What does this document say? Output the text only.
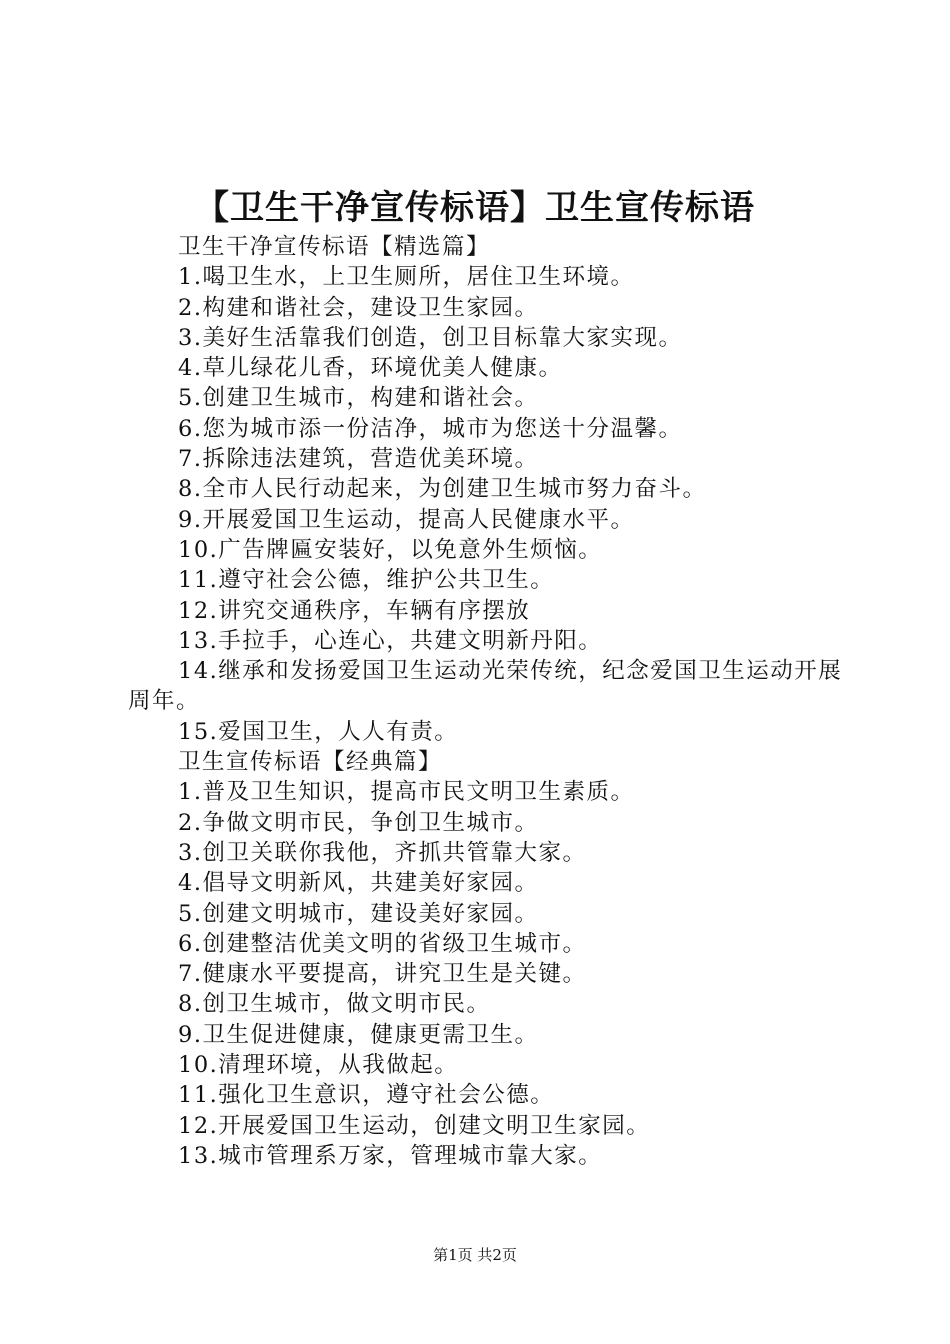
【卫生干净宣传标语】卫生宣传标语

卫生干净宣传标语【精选篇】

1.喝卫生水，上卫生厕所，居住卫生环境。

2.构建和谐社会，建设卫生家园。

3.美好生活靠我们创造，创卫目标靠大家实现。

4.草儿绿花儿香，环境优美人健康。

5.创建卫生城市，构建和谐社会。

6.您为城市添一份洁净，城市为您送十分温馨。

7.拆除违法建筑，营造优美环境。

8.全市人民行动起来，为创建卫生城市努力奋斗。

9.开展爱国卫生运动，提高人民健康水平。

10.广告牌匾安装好，以免意外生烦恼。

11.遵守社会公德，维护公共卫生。

12.讲究交通秩序，车辆有序摆放

13.手拉手，心连心，共建文明新丹阳。

14.继承和发扬爱国卫生运动光荣传统，纪念爱国卫生运动开展周年。

15.爱国卫生，人人有责。

卫生宣传标语【经典篇】

1.普及卫生知识，提高市民文明卫生素质。

2.争做文明市民，争创卫生城市。

3.创卫关联你我他，齐抓共管靠大家。

4.倡导文明新风，共建美好家园。

5.创建文明城市，建设美好家园。

6.创建整洁优美文明的省级卫生城市。

7.健康水平要提高，讲究卫生是关键。

8.创卫生城市，做文明市民。

9.卫生促进健康，健康更需卫生。

10.清理环境，从我做起。

11.强化卫生意识，遵守社会公德。

12.开展爱国卫生运动，创建文明卫生家园。

13.城市管理系万家，管理城市靠大家。

第1页 共2页
